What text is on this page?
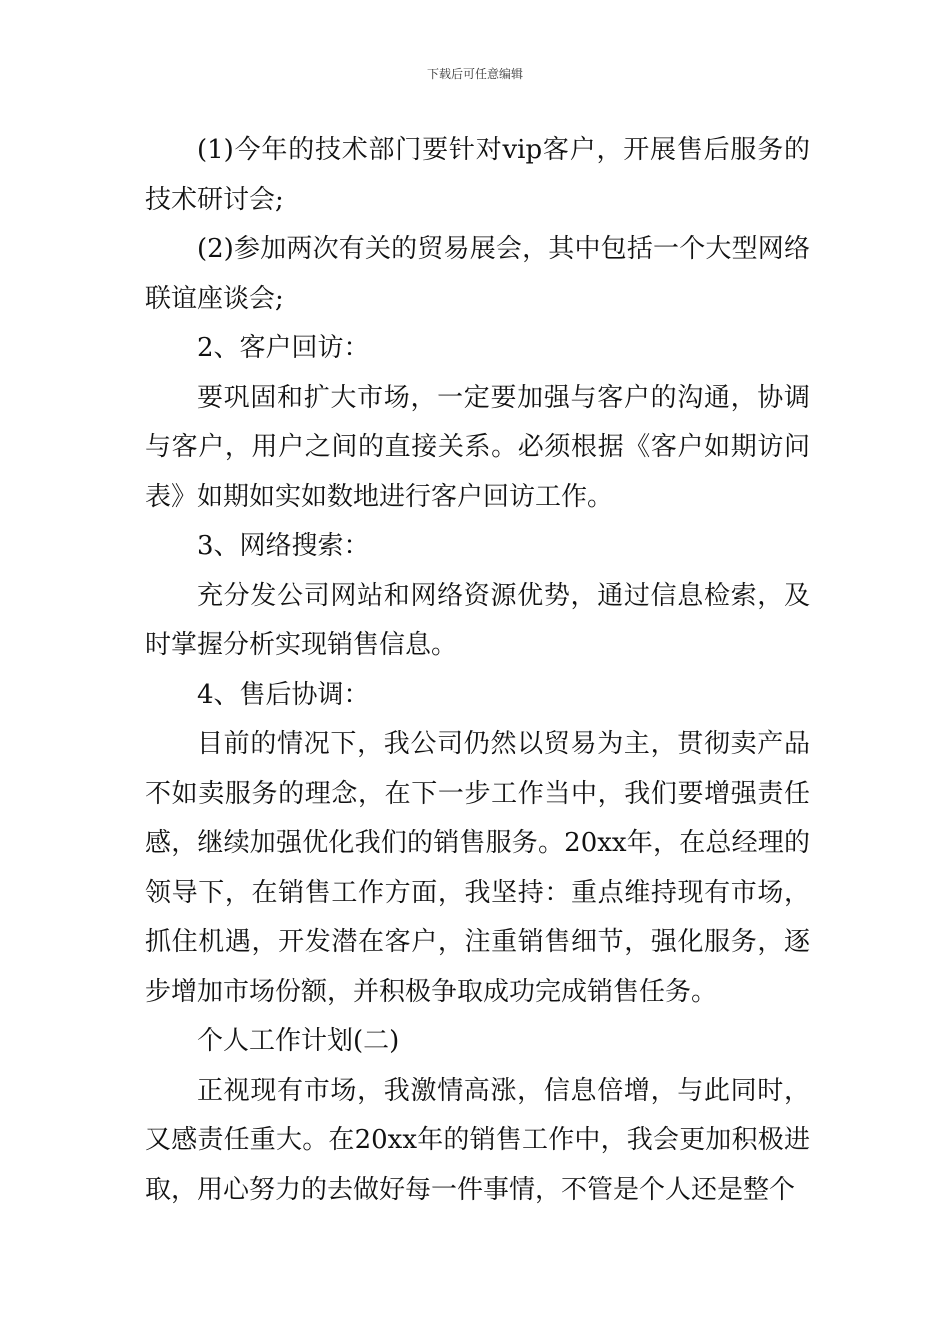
下载后可任意编辑

(1)今年的技术部门要针对vip客户，开展售后服务的技术研讨会;

(2)参加两次有关的贸易展会，其中包括一个大型网络联谊座谈会;

2、客户回访：

要巩固和扩大市场，一定要加强与客户的沟通，协调与客户，用户之间的直接关系。必须根据《客户如期访问表》如期如实如数地进行客户回访工作。

3、网络搜索：

充分发公司网站和网络资源优势，通过信息检索，及时掌握分析实现销售信息。

4、售后协调：

目前的情况下，我公司仍然以贸易为主，贯彻卖产品不如卖服务的理念，在下一步工作当中，我们要增强责任感，继续加强优化我们的销售服务。20xx年，在总经理的领导下，在销售工作方面，我坚持：重点维持现有市场，抓住机遇，开发潜在客户，注重销售细节，强化服务，逐步增加市场份额，并积极争取成功完成销售任务。

个人工作计划(二)

正视现有市场，我激情高涨，信息倍增，与此同时，又感责任重大。在20xx年的销售工作中，我会更加积极进取，用心努力的去做好每一件事情，不管是个人还是整个
